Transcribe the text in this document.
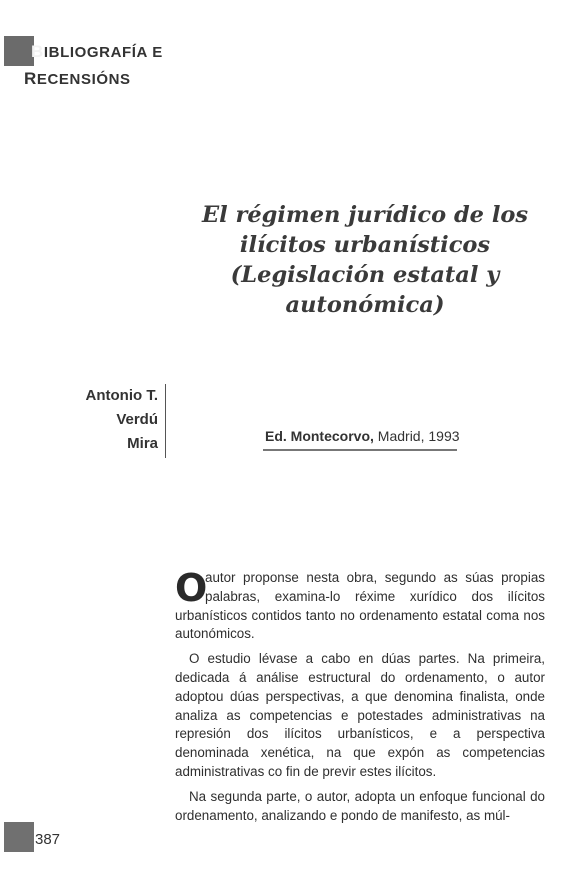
BIBLIOGRAFÍA E
RECENSIÓNS
El régimen jurídico de los
ilícitos urbanísticos
(Legislación estatal y
autonómica)
Antonio T.
Verdú
Mira	Ed. Montecorvo, Madrid, 1993

O
autor proponse nesta obra, segundo as súas propias palabras, examina-lo réxime xurídico dos ilícitos urbanísticos contidos tanto no ordenamento estatal coma nos autonómicos.

O estudio lévase a cabo en dúas partes. Na primeira, dedicada á análise estructural do ordenamento, o autor adoptou dúas perspectivas, a que denomina finalista, onde analiza as competencias e potestades administrativas na represión dos ilícitos urbanísticos, e a perspectiva denominada xenética, na que expón as competencias administrativas co fin de previr estes ilícitos.

Na segunda parte, o autor, adopta un enfoque funcional do ordenamento, analizando e pondo de manifesto, as múl-

387
